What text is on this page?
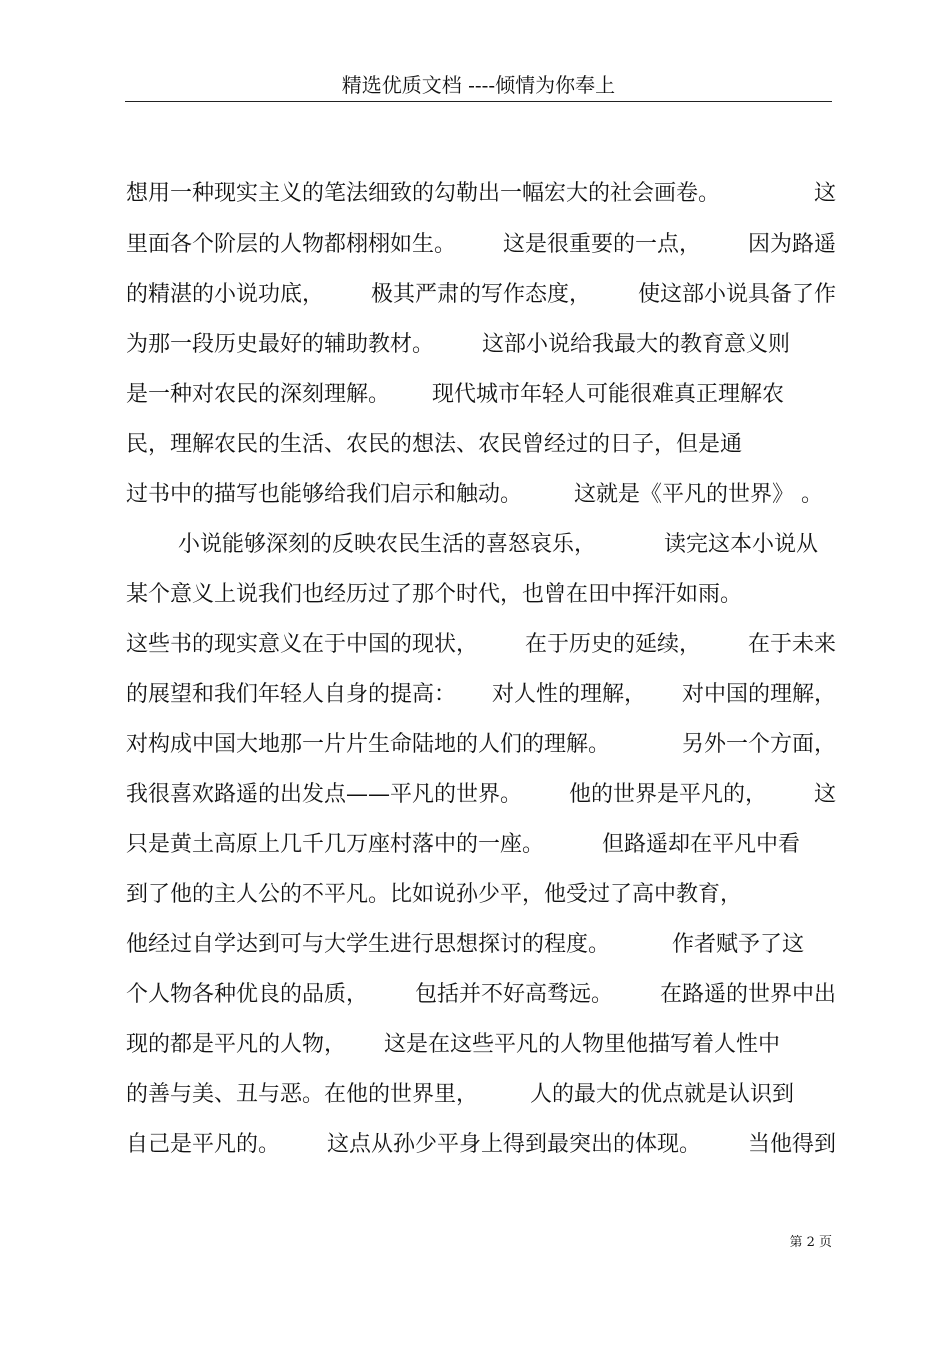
精选优质文档 ----倾情为你奉上
想用一种现实主义的笔法细致的勾勒出一幅宏大的社会画卷。	这
里面各个阶层的人物都栩栩如生。 这是很重要的一点， 因为路遥
的精湛的小说功底， 极其严肃的写作态度， 使这部小说具备了作
为那一段历史最好的辅助教材。 这部小说给我最大的教育意义则
是一种对农民的深刻理解。 现代城市年轻人可能很难真正理解农
民，理解农民的生活、农民的想法、农民曾经过的日子，但是通
过书中的描写也能够给我们启示和触动。 这就是《平凡的世界》 。
小说能够深刻的反映农民生活的喜怒哀乐，	读完这本小说从
某个意义上说我们也经历过了那个时代，也曾在田中挥汗如雨。
这些书的现实意义在于中国的现状， 在于历史的延续， 在于未来
的展望和我们年轻人自身的提高： 对人性的理解， 对中国的理解，
对构成中国大地那一片片生命陆地的人们的理解。	另外一个方面，
我很喜欢路遥的出发点——平凡的世界。 他的世界是平凡的， 这
只是黄土高原上几千几万座村落中的一座。	但路遥却在平凡中看
到了他的主人公的不平凡。比如说孙少平，他受过了高中教育，
他经过自学达到可与大学生进行思想探讨的程度。	作者赋予了这
个人物各种优良的品质， 包括并不好高骛远。 在路遥的世界中出
现的都是平凡的人物， 这是在这些平凡的人物里他描写着人性中
的善与美、丑与恶。在他的世界里， 人的最大的优点就是认识到
自己是平凡的。 这点从孙少平身上得到最突出的体现。 当他得到
第 2 页
